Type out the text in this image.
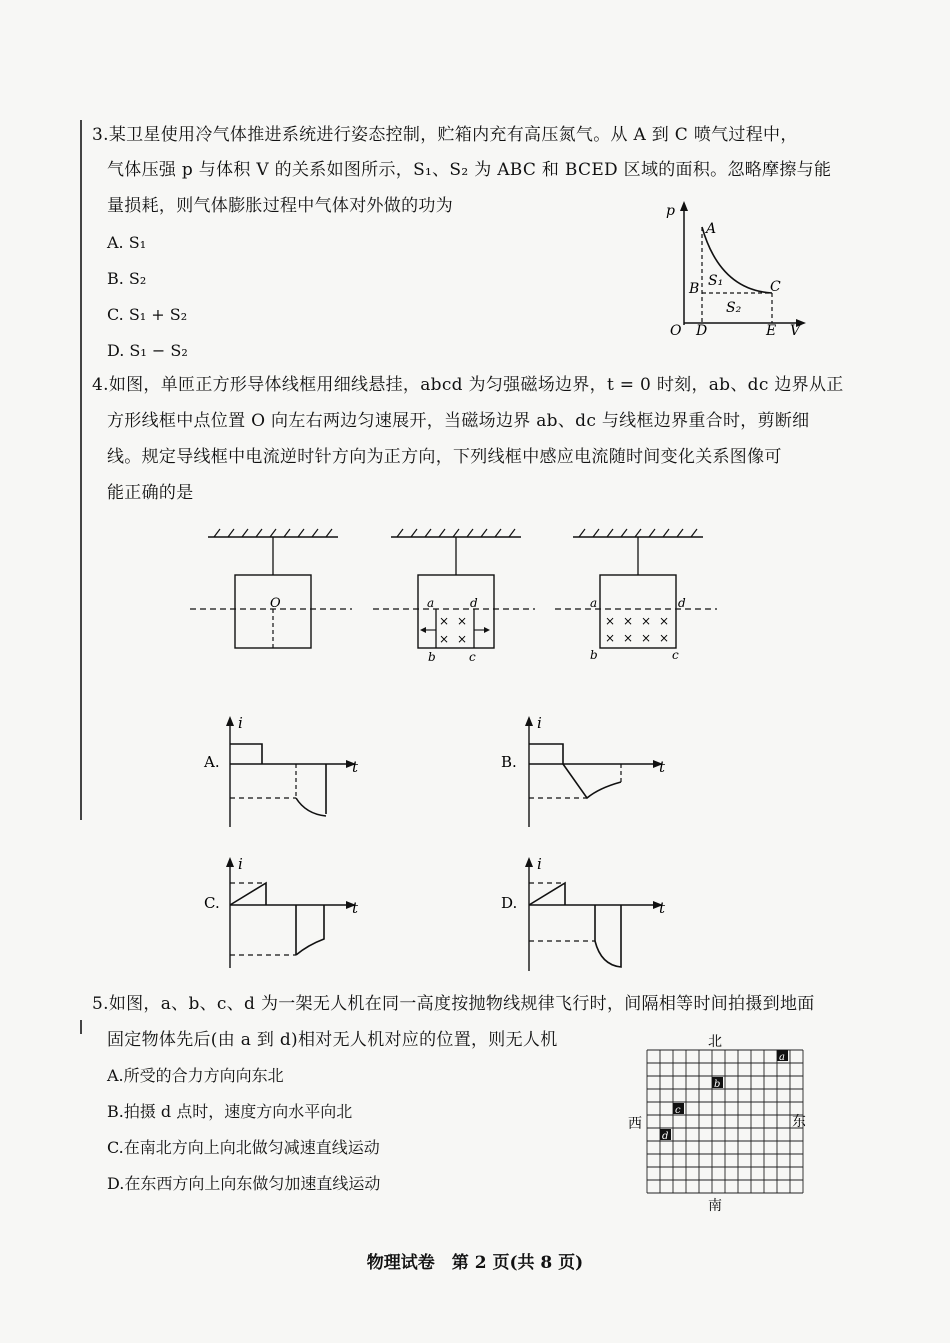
3.某卫星使用冷气体推进系统进行姿态控制，贮箱内充有高压氮气。从 A 到 C 喷气过程中，
气体压强 p 与体积 V 的关系如图所示，S₁、S₂ 为 ABC 和 BCED 区域的面积。忽略摩擦与能
量损耗，则气体膨胀过程中气体对外做的功为
A. S₁
B. S₂
C. S₁ + S₂
D. S₁ − S₂
p
V
O
A
B	C
D	E
S₁
S₂
4.如图，单匝正方形导体线框用细线悬挂，abcd 为匀强磁场边界，t = 0 时刻，ab、dc 边界从正
方形线框中点位置 O 向左右两边匀速展开，当磁场边界 ab、dc 与线框边界重合时，剪断细
线。规定导线框中电流逆时针方向为正方向，下列线框中感应电流随时间变化关系图像可
能正确的是
O
× ×
× ×
a	d
b	c
× × × ×
× × × ×
a	d
b	c
A.
i
t	B.
i
t
C.
i
t	D.
i
t
5.如图，a、b、c、d 为一架无人机在同一高度按抛物线规律飞行时，间隔相等时间拍摄到地面
固定物体先后(由 a 到 d)相对无人机对应的位置，则无人机
A.所受的合力方向向东北
B.拍摄 d 点时，速度方向水平向北
C.在南北方向上向北做匀减速直线运动
D.在东西方向上向东做匀加速直线运动
北
南
西	东
a
b
c
d
物理试卷　第 2 页(共 8 页)
